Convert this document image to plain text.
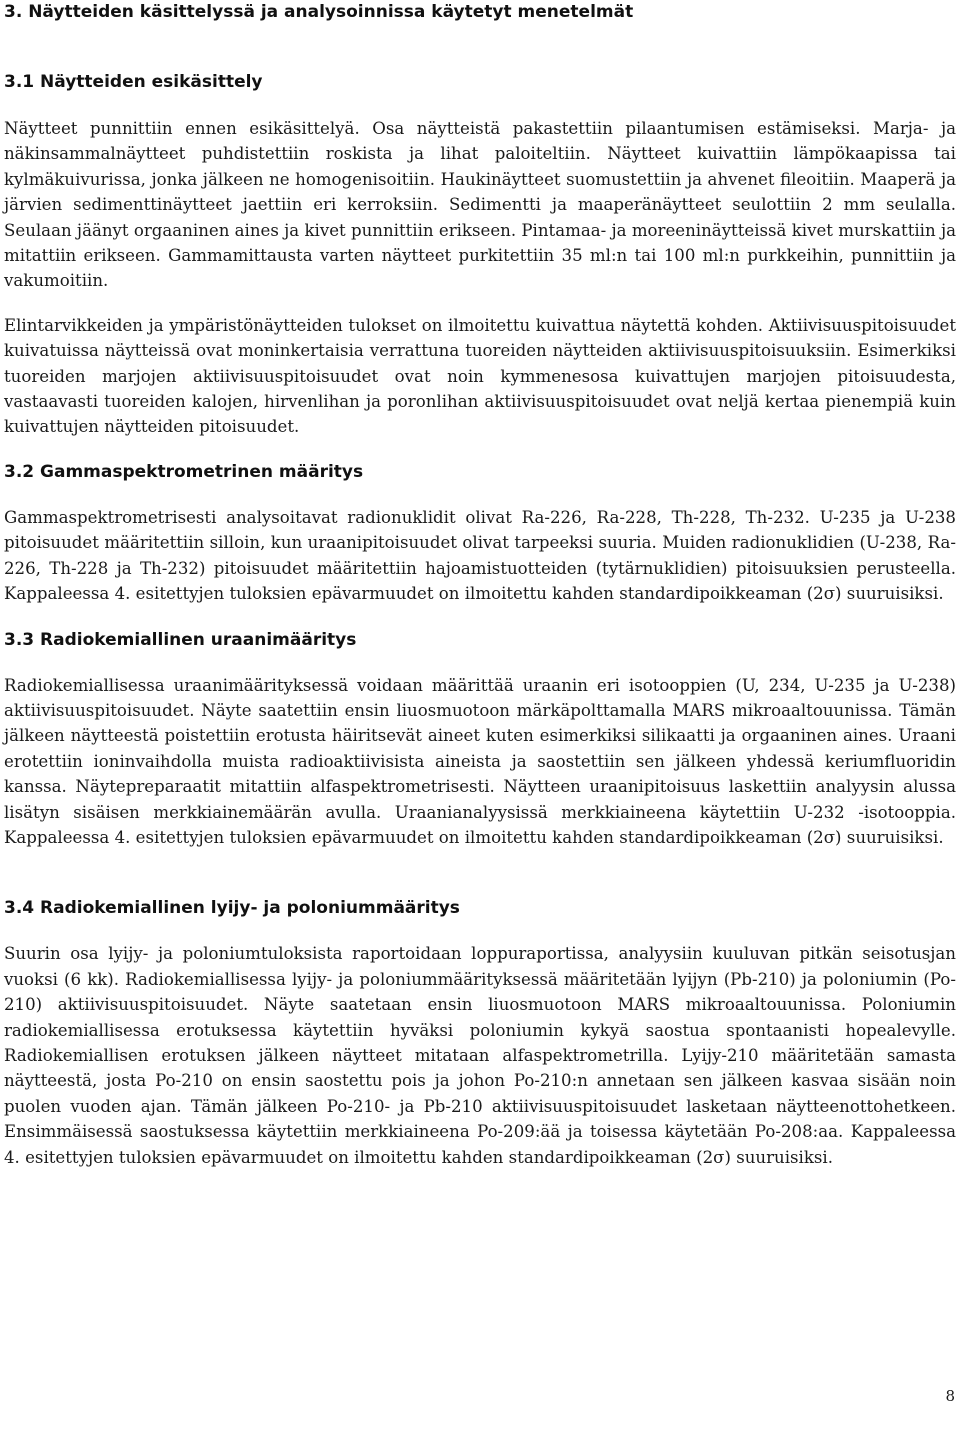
3. Näytteiden käsittelyssä ja analysoinnissa käytetyt menetelmät
3.1 Näytteiden esikäsittely

Näytteet punnittiin ennen esikäsittelyä. Osa näytteistä pakastettiin pilaantumisen estämiseksi. Marja- ja näkinsammalnäytteet puhdistettiin roskista ja lihat paloiteltiin. Näytteet kuivattiin lämpökaapissa tai kylmäkuivurissa, jonka jälkeen ne homogenisoitiin. Haukinäytteet suomustettiin ja ahvenet fileoitiin. Maaperä ja järvien sedimenttinäytteet jaettiin eri kerroksiin. Sedimentti ja maaperänäytteet seulottiin 2 mm seulalla. Seulaan jäänyt orgaaninen aines ja kivet punnittiin erikseen. Pintamaa- ja moreeninäytteissä kivet murskattiin ja mitattiin erikseen. Gammamittausta varten näytteet purkitettiin 35 ml:n tai 100 ml:n purkkeihin, punnittiin ja vakumoitiin.

Elintarvikkeiden ja ympäristönäytteiden tulokset on ilmoitettu kuivattua näytettä kohden. Aktiivisuuspitoisuudet kuivatuissa näytteissä ovat moninkertaisia verrattuna tuoreiden näytteiden aktiivisuuspitoisuuksiin. Esimerkiksi tuoreiden marjojen aktiivisuuspitoisuudet ovat noin kymmenesosa kuivattujen marjojen pitoisuudesta, vastaavasti tuoreiden kalojen, hirvenlihan ja poronlihan aktiivisuuspitoisuudet ovat neljä kertaa pienempiä kuin kuivattujen näytteiden pitoisuudet.

3.2 Gammaspektrometrinen määritys

Gammaspektrometrisesti analysoitavat radionuklidit olivat Ra-226, Ra-228, Th-228, Th-232. U-235 ja U-238 pitoisuudet määritettiin silloin, kun uraanipitoisuudet olivat tarpeeksi suuria. Muiden radionuklidien (U-238, Ra-226, Th-228 ja Th-232) pitoisuudet määritettiin hajoamistuotteiden (tytärnuklidien) pitoisuuksien perusteella. Kappaleessa 4. esitettyjen tuloksien epävarmuudet on ilmoitettu kahden standardipoikkeaman (2σ) suuruisiksi.

3.3 Radiokemiallinen uraanimääritys

Radiokemiallisessa uraanimäärityksessä voidaan määrittää uraanin eri isotooppien (U, 234, U-235 ja U-238) aktiivisuuspitoisuudet. Näyte saatettiin ensin liuosmuotoon märkäpolttamalla MARS mikroaaltouunissa. Tämän jälkeen näytteestä poistettiin erotusta häiritsevät aineet kuten esimerkiksi silikaatti ja orgaaninen aines. Uraani erotettiin ioninvaihdolla muista radioaktiivisista aineista ja saostettiin sen jälkeen yhdessä keriumfluoridin kanssa. Näytepreparaatit mitattiin alfaspektrometrisesti. Näytteen uraanipitoisuus laskettiin analyysin alussa lisätyn sisäisen merkkiainemäärän avulla. Uraanianalyysissä merkkiaineena käytettiin U-232 -isotooppia. Kappaleessa 4. esitettyjen tuloksien epävarmuudet on ilmoitettu kahden standardipoikkeaman (2σ) suuruisiksi.

3.4 Radiokemiallinen lyijy- ja poloniummääritys

Suurin osa lyijy- ja poloniumtuloksista raportoidaan loppuraportissa, analyysiin kuuluvan pitkän seisotusjan vuoksi (6 kk). Radiokemiallisessa lyijy- ja poloniummäärityksessä määritetään lyijyn (Pb-210) ja poloniumin (Po-210) aktiivisuuspitoisuudet. Näyte saatetaan ensin liuosmuotoon MARS mikroaaltouunissa. Poloniumin radiokemiallisessa erotuksessa käytettiin hyväksi poloniumin kykyä saostua spontaanisti hopealevylle. Radiokemiallisen erotuksen jälkeen näytteet mitataan alfaspektrometrilla. Lyijy-210 määritetään samasta näytteestä, josta Po-210 on ensin saostettu pois ja johon Po-210:n annetaan sen jälkeen kasvaa sisään noin puolen vuoden ajan. Tämän jälkeen Po-210- ja Pb-210 aktiivisuuspitoisuudet lasketaan näytteenottohetkeen. Ensimmäisessä saostuksessa käytettiin merkkiaineena Po-209:ää ja toisessa käytetään Po-208:aa. Kappaleessa 4. esitettyjen tuloksien epävarmuudet on ilmoitettu kahden standardipoikkeaman (2σ) suuruisiksi.

8
